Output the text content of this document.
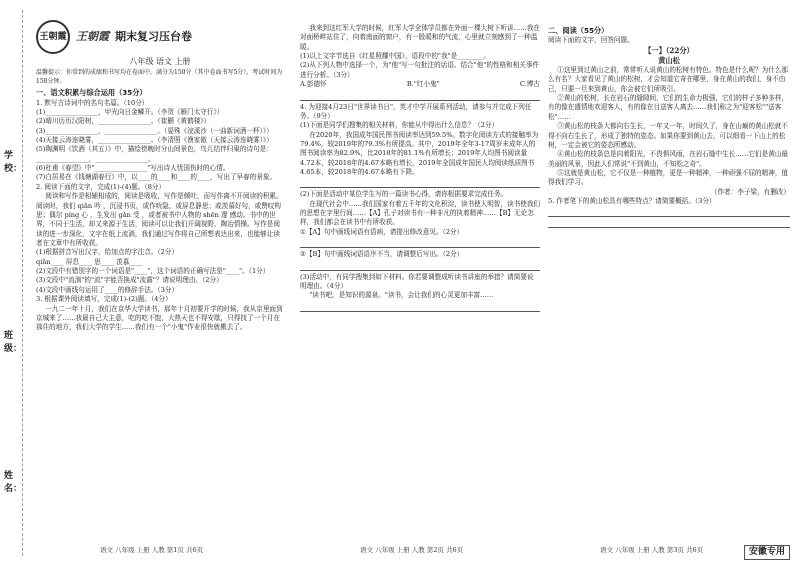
学校：
班级：
姓名：
王朝霞 王朝霞 期末复习压台卷
八年级 语文 上册

温馨提示：你常到的成绩和书写均在卷面中，满分为150分（其中卷面书写5分），考试时间为150分钟。

一、语文积累与综合运用（35分）

1. 默写古诗词中的名句名篇。（10分）

(1)________________，甲光向日金鳞开。（李贺《雁门太守行》）

(2)晴川历历汉阳树，________________。（崔颢《黄鹤楼》）

(3)________________，________________。（晏殊《浣溪沙（一曲新词酒一杯）》）

(4)天接云涛连晓雾，________________。（李清照《渔家傲（天接云涛连晓雾）》）

(5)陶渊明《饮酒（其五）》中，描绘傍晚时分山间景色，鸟儿结伴归巢的诗句是：________________，________________。

(6)杜甫《春望》中"________________"写出诗人忧国伤时的心情。

(7)白居易在《钱塘湖春行》中，以____的____和____的____，写出了早春的景象。

2. 阅读下面的文字，完成(1)-(4)题。（8分）

阅读和写作是相辅相成的，阅读是吸收，写作是倾吐，而写作离不开阅读的积累。阅读时，我们 qiǎn 吟 ，沉浸书页，或作吮隐，或屏息静思；或羡慕好句，或赞叹构思；偶尔 píng 心 ，生发出 gǎn 受 ，或者被书中人物的 shēn 邃 感动。书中的世界，不同于生活，却又来源于生活，阅读可以让我们开阔视野，陶冶情操。写作是阅读的进一步深化，文字在纸上流淌，我们通过写作将自己所想表达出来，也能够让读者在文章中有所收获。

(1)根据拼音写出汉字，给加点的字注音。（2分）

qiǎn____ 屏息____ 思____ 羡慕____

(2)文段中有错别字的一个词语是"____"，这个词语的正确写法是"____"。（1分）

(3)文段中"流淌"的"流"字能否换成"流露"？请说明理由。（2分）

(4)文段中画线句运用了____的修辞手法。（3分）

3. 根据课外阅读填写，完成(1)-(2)题。（4分）

一九二一年十月，我们在京华大学读书，那年十月初要开学的时候，我从京里面到京城来了……我最自己大主意，吃的吃不饱，大热天也不得安歇，只得找了一个月在那住的地方，我们大学的学生……我们有一个"小鬼"作业很快就搬去了。

语文 八年级 上册 人教 第1页 共6页

我来到这红军大学的时候，红军大学全体学员都在外面一棵大树下听讲……我在对面桥畔站住了，向着南面的窗户，有一股暖和的气流，心里就立刻感到了一种温暖。

(1)以上文字节选自《红星照耀中国》，语段中的"我"是________。

(2)从下列人物中选择一个，为"他"写一句批注的话语。结合"他"的性格和相关事件进行分析。（3分）

A.彭德怀	B."红小鬼"	C.博古

4. 为迎接4月23日"世界读书日"，英才中学开展系列活动，请参与并完成下列任务。（9分）

(1)下面是同学们搜集的相关材料，你能从中得出什么信息？（2分）

在2020年，我国成年国民图书阅读率达到59.5%。数字化阅读方式的接触率为79.4%，较2019年的79.3%有所提高。其中，2019年全年3-17周岁未成年人的图书阅读率为82.9%，比2018年的81.1%有所增长；2019年人均图书阅读量4.72本，较2018年的4.67本略有增长，2019年全国成年国民人均阅读纸质图书4.65本，较2018年的4.67本略有下降。

(2)下面是活动中某位学生写的一篇读书心得，请你根据要求完成任务。

在现代社会中……我们国家有着五千年的文化积淀，读书使人明智，读书使我们的思想在字里行间……【A】孔子对读书有一种非凡的执着精神……【B】无论怎样，我们都会在读书中有所收获。

①【A】句中画线词语有语病，请提出修改意见。（2分）

②【B】句中画线词语语序不当，请调整后写出。（2分）

(3)活动中，有同学搜集到如下材料。你若要调整成听读书讲座的举措？请简要说明理由。（4分）

"读书吧，是知识的源泉。"读书，会让我们的心灵更加丰富……

语文 八年级 上册 人教 第2页 共6页
二、阅读（55分）

阅读下面的文字，回答问题。

【一】（22分）
黄山松

①这里到过黄山之前，常常听人说黄山的松树有特色。特色是什么呢？为什么那么有名？大家看见了黄山的松树，才会知道它奇在哪里，身在黄山的我们，身不由己，只要一旦来到黄山，你会被它们所吸引。

②黄山的松树，长在岩石的缝隙间，它们的生命力极强，它们的样子多种多样，有的像在盛情地欢迎客人，有的像在目送客人离去……我们称之为"迎客松""送客松"……

③黄山松的枝条大都向右生长，一年又一年，时间久了，身在山巅的黄山松就不得不向右生长了，形成了独特的姿态。如果你要到黄山去，可以细看一下山上的松树，一定会被它的姿态所感动。

④黄山松的枝条总是向着阳光，不畏惧风雨，在岩石缝中生长……它们是黄山最美丽的风景，因此人们常说"不到黄山，不知松之奇"。

⑤这就是黄山松，它不仅是一种植物，更是一种精神，一种顽强不屈的精神，值得我们学习。

（作者：李子梁，有删改）

5. 作者笔下的黄山松具有哪些特点？请简要概括。（3分）

语文 八年级 上册 人教 第3页 共6页	安徽专用
